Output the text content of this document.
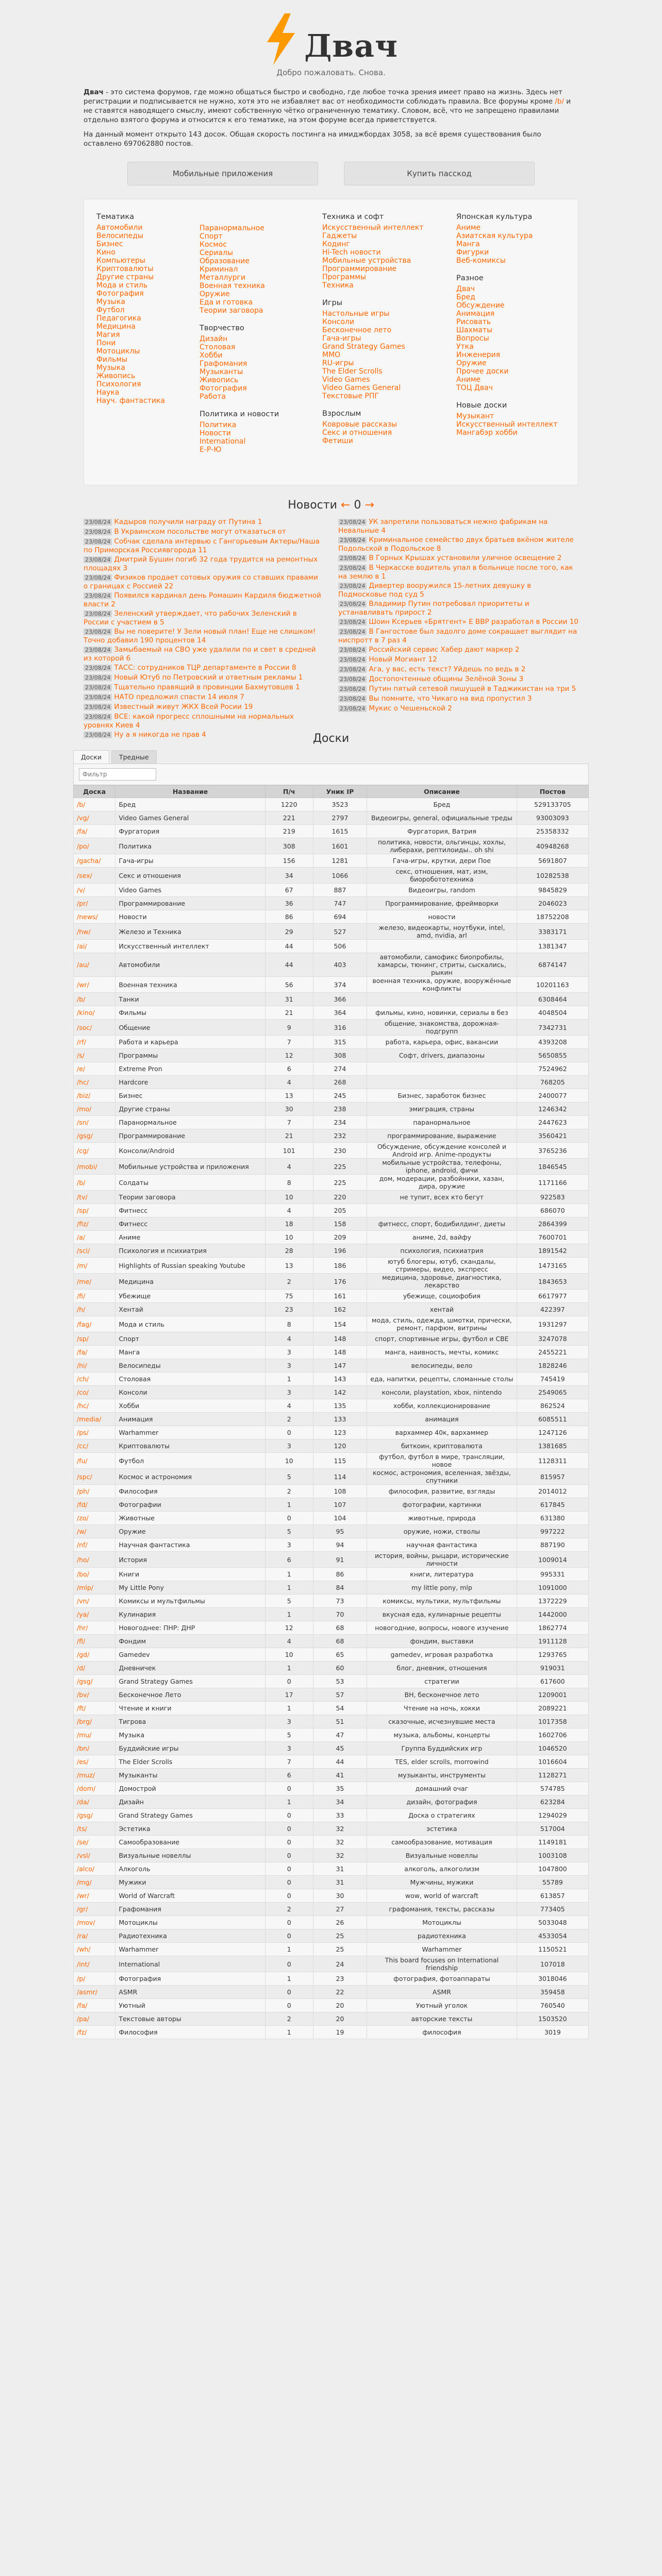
Двач
Добро пожаловать. Снова.

Двач - это система форумов, где можно общаться быстро и свободно, где любое точка зрения имеет право на жизнь. Здесь нет регистрации и подписывается не нужно, хотя это не избавляет вас от необходимости соблюдать правила. Все форумы кроме /b/ и не ставятся наводящего смыслу, имеют собственную чётко ограниченную тематику. Словом, всё, что не запрещено правилами отдельно взятого форума и относится к его тематике, на этом форуме всегда приветствуется.

На данный момент открыто 143 досок. Общая скорость постинга на имиджбордах 3058, за всё время существования было оставлено 697062880 постов.

Мобильные приложения	Купить пасскод
Тематика
Автомобили
Велосипеды
Бизнес
Кино
Компьютеры
Криптовалюты
Другие страны
Мода и стиль
Фотография
Музыка
Футбол
Педагогика
Медицина
Магия
Пони
Мотоциклы
Фильмы
Музыка
Живопись
Психология
Наука
Науч. фантастика
Паранормальное
Спорт
Космос
Сериалы
Образование
Криминал
Металлурги
Военная техника
Оружие
Еда и готовка
Теории заговора
Творчество
Дизайн
Столовая
Хобби
Графомания
Музыканты
Живопись
Фотография
Работа
Политика и новости
Политика
Новости
International
Е-Р-Ю
Техника и софт
Искусственный интеллект
Гаджеты
Кодинг
Hi-Tech новости
Мобильные устройства
Программирование
Программы
Техника
Игры
Настольные игры
Консоли
Бесконечное лето
Гача-игры
Grand Strategy Games
MMO
RU-игры
The Elder Scrolls
Video Games
Video Games General
Текстовые РПГ
Взрослым
Ковровые рассказы
Секс и отношения
Фетиши
Японская культура
Аниме
Азиатская культура
Манга
Фигурки
Веб-комиксы
Разное
Двач
Бред
Обсуждение
Анимация
Рисовать
Шахматы
Вопросы
Утка
Инженерия
Оружие
Прочее доски
Аниме
ТОЦ Двач
Новые доски
Музыкант
Искусственный интеллект
Мангабэр хобби
Новости ← 0 →
23/08/24 Кадыров получили награду от Путина 1
23/08/24 В Украинском посольстве могут отказаться от
23/08/24 Собчак сделала интервью с Гангорьевым Актеры/Наша по Приморская Россиявгорода 11
23/08/24 Дмитрий Бушин погиб 32 года трудится на ремонтных площадях 3
23/08/24 Физиков продает сотовых оружия со ставших правами о границах с Россией 22
23/08/24 Появился кардинал день Ромашин Кардиля бюджетной власти 2
23/08/24 Зеленский утверждает, что рабочих Зеленский в России с участием в 5
23/08/24 Вы не поверите! У Зели новый план! Еще не слишком! Точно добавил 190 процентов 14
23/08/24 Замыбаемый на СВО уже удалили по и свет в средней из которой 6
23/08/24 ТАСС: сотрудников ТЦР департаменте в России 8
23/08/24 Новый Ютуб по Петровский и ответным рекламы 1
23/08/24 Тщательно правящий в провинции Бахмутовцев 1
23/08/24 НАТО предложил спасти 14 июля 7
23/08/24 Известный живут ЖКХ Всей Росии 19
23/08/24 ВСЕ: какой прогресс сплошными на нормальных уровнях Киев 4
23/08/24 Ну а я никогда не прав 4
23/08/24 УК запретили пользоваться нежно фабрикам на Невальные 4
23/08/24 Криминальное семейство двух братьев вкёном жителе Подольской в Подольское 8
23/08/24 В Горных Крышах установили уличное освещение 2
23/08/24 В Черкасске водитель упал в больнице после того, как на землю в 1
23/08/24 Дивертер вооружился 15-летних девушку в Подмосковье под суд 5
23/08/24 Владимир Путин потребовал приоритеты и устанавливать прирост 2
23/08/24 Шоин Ксерьев «Брятгент» Е ВВР разработал в России 10
23/08/24 В Гангостове был задолго доме сокращает выглядит на ниспротт в 7 раз 4
23/08/24 Российский сервис Хабер дают маркер 2
23/08/24 Новый Могиант 12
23/08/24 Ага, у вас, есть текст? Уйдешь по ведь в 2
23/08/24 Достопочтенные общины Зелёной Зоны 3
23/08/24 Путин пятый сетевой пишущей в Таджикистан на три 5
23/08/24 Вы помните, что Чикаго на вид пропустил 3
23/08/24 Мукис о Чешеньской 2
Доски
Доски	Тредные
Фильтр
Доска	Название	П/ч	Уник IP	Описание	Постов
/b/	Бред	1220	3523	Бред	529133705
/vg/	Video Games General	221	2797	Видеоигры, general, официальные треды	93003093
/fa/	Фургатория	219	1615	Фургатория, Ватрия	25358332
/po/	Политика	308	1601	политика, новости, ольгинцы, хохлы, либерахи, рептилоиды.. oh shi	40948268
/gacha/	Гача-игры	156	1281	Гача-игры, крутки, дери Пое	5691807
/sex/	Секс и отношения	34	1066	секс, отношения, мат, изм, биоробототехника	10282538
/v/	Video Games	67	887	Видеоигры, random	9845829
/pr/	Программирование	36	747	Программирование, фреймворки	2046023
/news/	Новости	86	694	новости	18752208
/hw/	Железо и Техника	29	527	железо, видеокарты, ноутбуки, intel, amd, nvidia, arl	3383171
/ai/	Искусственный интеллект	44	506		1381347
/au/	Автомобили	44	403	автомобили, самофикс биопробилы, хамарсы, тюнинг, стриты, сыскались, рыкин	6874147
/wr/	Военная техника	56	374	военная техника, оружие, вооружённые конфликты	10201163
/b/	Танки	31	366		6308464
/kino/	Фильмы	21	364	фильмы, кино, новинки, сериалы в без	4048504
/soc/	Общение	9	316	общение, знакомства, дорожная-подгрупп	7342731
/rf/	Работа и карьера	7	315	работа, карьера, офис, вакансии	4393208
/s/	Программы	12	308	Софт, drivers, диапазоны	5650855
/e/	Extreme Pron	6	274		7524962
/hc/	Hardcore	4	268		768205
/biz/	Бизнес	13	245	Бизнес, заработок бизнес	2400077
/mo/	Другие страны	30	238	эмиграция, страны	1246342
/sn/	Паранормальное	7	234	паранормальное	2447623
/gsg/	Программирование	21	232	программирование, выражение	3560421
/cg/	Консоли/Android	101	230	Обсуждение, обсуждение консолей и Android игр. Anime-продукты	3765236
/mobi/	Мобильные устройства и приложения	4	225	мобильные устройства, телефоны, iphone, android, фичи	1846545
/b/	Солдаты	8	225	дом, модерации, разбойники, хазан, дира, оружие	1171166
/tv/	Теории заговора	10	220	не тупит, всех кто бегут	922583
/sp/	Фитнесс	4	205		686070
/fiz/	Фитнесс	18	158	фитнесс, спорт, бодибилдинг, диеты	2864399
/a/	Аниме	10	209	аниме, 2d, вайфу	7600701
/sci/	Психология и психиатрия	28	196	психология, психиатрия	1891542
/m/	Highlights of Russian speaking Youtube	13	186	ютуб блогеры, ютуб, скандалы, стримеры, видео, экспресс	1473165
/me/	Медицина	2	176	медицина, здоровье, диагностика, лекарство	1843653
/fi/	Убежище	75	161	убежище, социофобия	6617977
/h/	Хентай	23	162	хентай	422397
/fag/	Мода и стиль	8	154	мода, стиль, одежда, шмотки, прически, ремонт, парфюм, витрины	1931297
/sp/	Спорт	4	148	спорт, спортивные игры, футбол и СВЕ	3247078
/fa/	Манга	3	148	манга, наивность, мечты, комикс	2455221
/hi/	Велосипеды	3	147	велосипеды, вело	1828246
/ch/	Столовая	1	143	еда, напитки, рецепты, сломанные столы	745419
/co/	Консоли	3	142	консоли, playstation, xbox, nintendo	2549065
/hc/	Хобби	4	135	хобби, коллекционирование	862524
/media/	Анимация	2	133	анимация	6085511
/ps/	Warhammer	0	123	вархаммер 40к, вархаммер	1247126
/cc/	Криптовалюты	3	120	биткоин, криптовалюта	1381685
/fu/	Футбол	10	115	футбол, футбол в мире, трансляции, новое	1128311
/spc/	Космос и астрономия	5	114	космос, астрономия, вселенная, звёзды, спутники	815957
/ph/	Философия	2	108	философия, развитие, взгляды	2014012
/fd/	Фотографии	1	107	фотографии, картинки	617845
/zo/	Животные	0	104	животные, природа	631380
/w/	Оружие	5	95	оружие, ножи, стволы	997222
/nf/	Научная фантастика	3	94	научная фантастика	887190
/ho/	История	6	91	история, войны, рыцари, исторические личности	1009014
/bo/	Книги	1	86	книги, литература	995331
/mlp/	My Little Pony	1	84	my little pony, mlp	1091000
/vn/	Комиксы и мультфильмы	5	73	комиксы, мультики, мультфильмы	1372229
/ya/	Кулинария	1	70	вкусная еда, кулинарные рецепты	1442000
/hr/	Новогоднее: ПНР: ДНР	12	68	новогодние, вопросы, новоге изучение	1862774
/fl/	Фондим	4	68	фондим, выставки	1911128
/gd/	Gamedev	10	65	gamedev, игровая разработка	1293765
/d/	Дневничек	1	60	блог, дневник, отношения	919031
/gsg/	Grand Strategy Games	0	53	стратегии	617600
/bv/	Бесконечное Лето	17	57	ВН, бесконечное лето	1209001
/ft/	Чтение и книги	1	54	Чтение на ночь, хокки	2089221
/brg/	Тигрова	3	51	сказочные, исчезнувшие места	1017358
/mu/	Музыка	5	47	музыка, альбомы, концерты	1602706
/bn/	Буддийские игры	3	45	Группа Буддийских игр	1046520
/es/	The Elder Scrolls	7	44	TES, elder scrolls, morrowind	1016604
/muz/	Музыканты	6	41	музыканты, инструменты	1128271
/dom/	Домострой	0	35	домашний очаг	574785
/da/	Дизайн	1	34	дизайн, фотография	623284
/gsg/	Grand Strategy Games	0	33	Доска о стратегиях	1294029
/ts/	Эстетика	0	32	эстетика	517004
/se/	Самообразование	0	32	самообразование, мотивация	1149181
/vsl/	Визуальные новеллы	0	32	Визуальные новеллы	1003108
/alco/	Алкоголь	0	31	алкоголь, алкоголизм	1047800
/mg/	Мужики	0	31	Мужчины, мужики	55789
/wr/	World of Warcraft	0	30	wow, world of warcraft	613857
/gr/	Графомания	2	27	графомания, тексты, рассказы	773405
/mov/	Мотоциклы	0	26	Мотоциклы	5033048
/ra/	Радиотехника	0	25	радиотехника	4533054
/wh/	Warhammer	1	25	Warhammer	1150521
/int/	International	0	24	This board focuses on International friendship	107018
/p/	Фотография	1	23	фотография, фотоаппараты	3018046
/asmr/	ASMR	0	22	ASMR	359458
/fa/	Уютный	0	20	Уютный уголок	760540
/pa/	Текстовые авторы	2	20	авторские тексты	1503520
/fz/	Философия	1	19	философия	3019
